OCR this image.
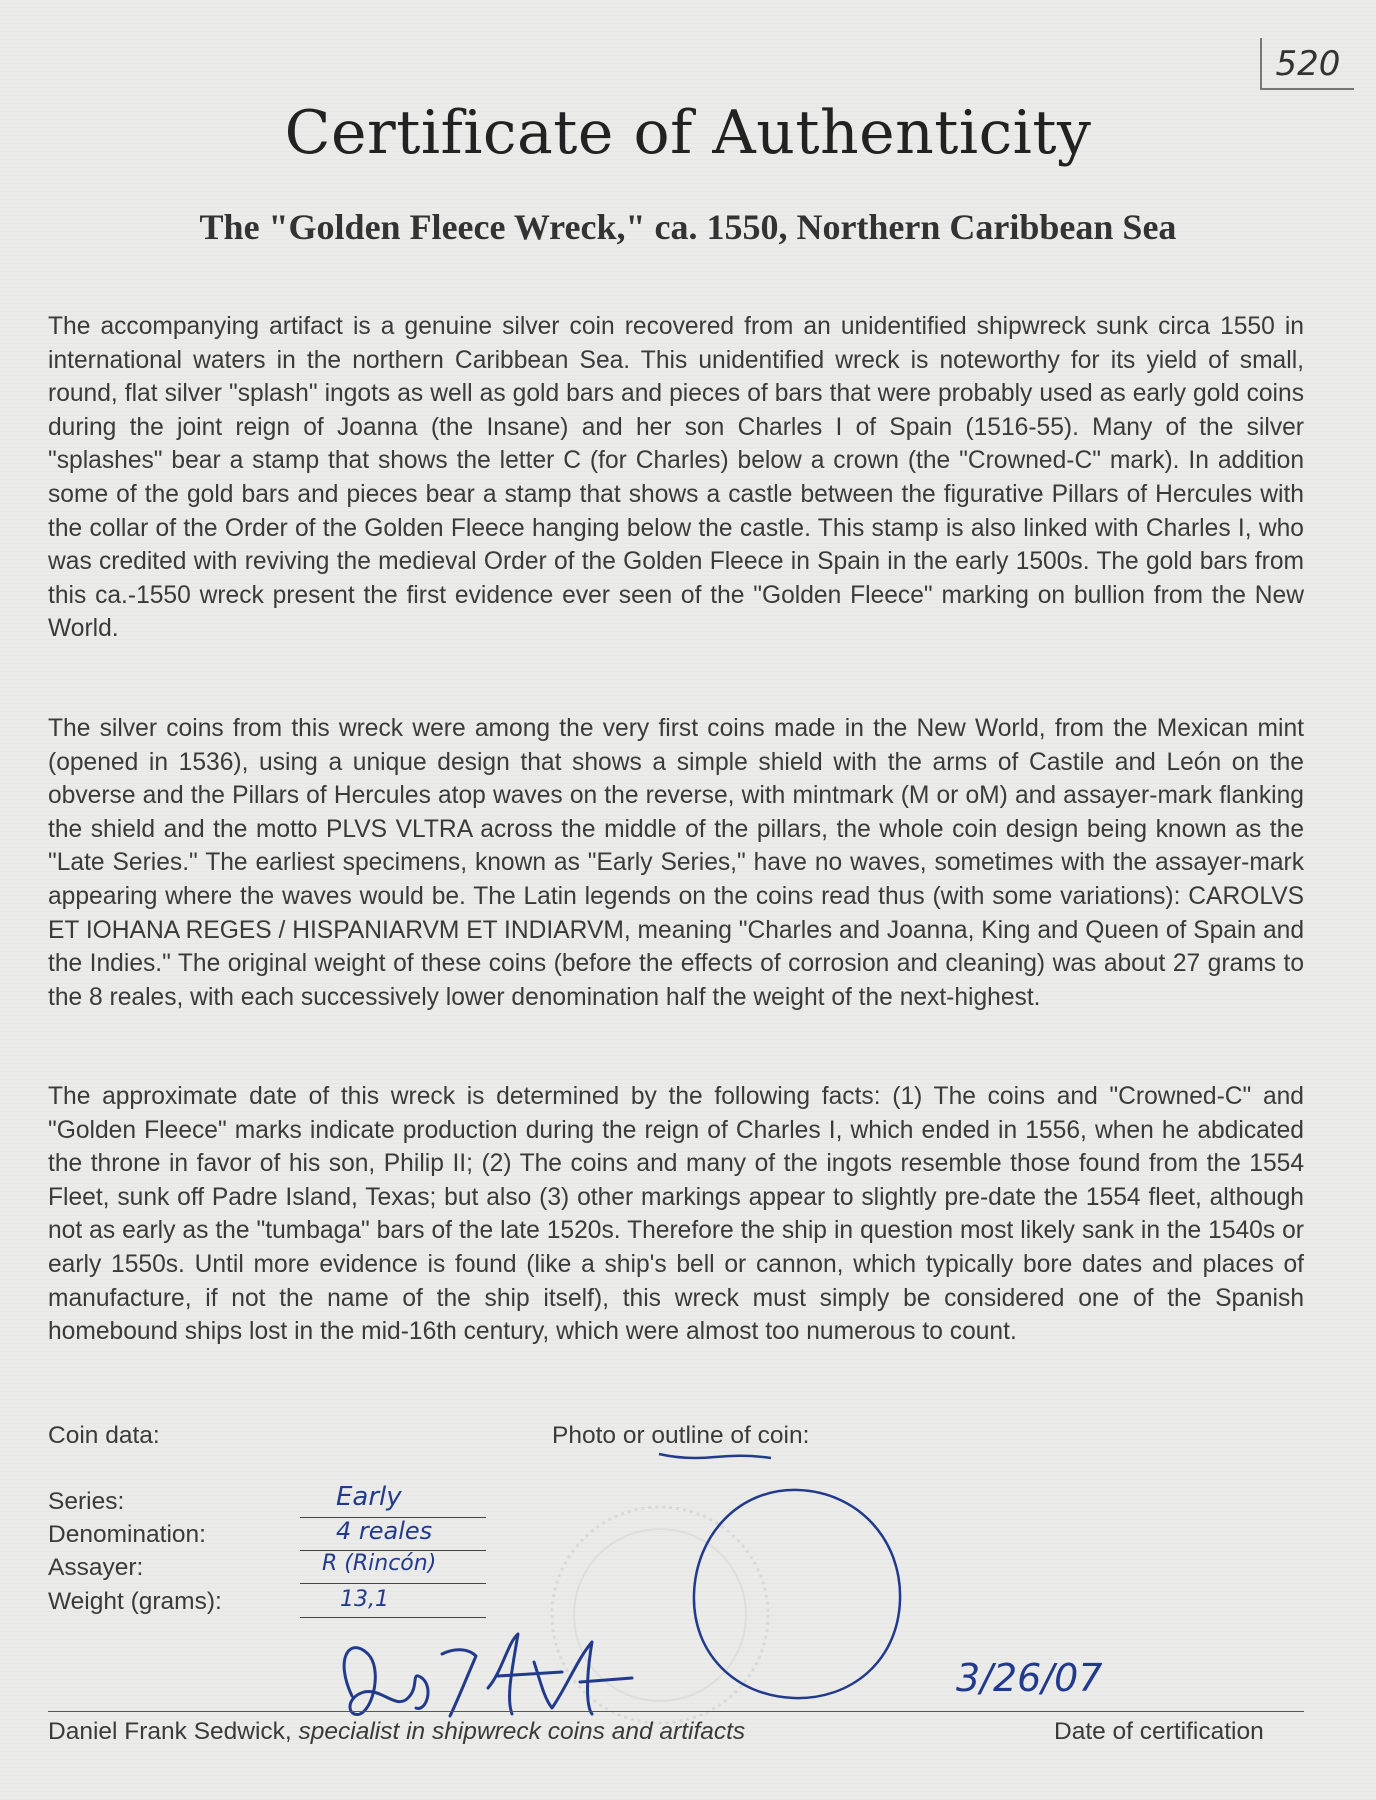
520
Certificate of Authenticity
The "Golden Fleece Wreck," ca. 1550, Northern Caribbean Sea

The accompanying artifact is a genuine silver coin recovered from an unidentified shipwreck sunk circa 1550 in international waters in the northern Caribbean Sea. This unidentified wreck is noteworthy for its yield of small, round, flat silver "splash" ingots as well as gold bars and pieces of bars that were probably used as early gold coins during the joint reign of Joanna (the Insane) and her son Charles I of Spain (1516-55). Many of the silver "splashes" bear a stamp that shows the letter C (for Charles) below a crown (the "Crowned-C" mark). In addition some of the gold bars and pieces bear a stamp that shows a castle between the figurative Pillars of Hercules with the collar of the Order of the Golden Fleece hanging below the castle. This stamp is also linked with Charles I, who was credited with reviving the medieval Order of the Golden Fleece in Spain in the early 1500s. The gold bars from this ca.-1550 wreck present the first evidence ever seen of the "Golden Fleece" marking on bullion from the New World.

The silver coins from this wreck were among the very first coins made in the New World, from the Mexican mint (opened in 1536), using a unique design that shows a simple shield with the arms of Castile and León on the obverse and the Pillars of Hercules atop waves on the reverse, with mintmark (M or oM) and assayer-mark flanking the shield and the motto PLVS VLTRA across the middle of the pillars, the whole coin design being known as the "Late Series." The earliest specimens, known as "Early Series," have no waves, sometimes with the assayer-mark appearing where the waves would be. The Latin legends on the coins read thus (with some variations): CAROLVS ET IOHANA REGES / HISPANIARVM ET INDIARVM, meaning "Charles and Joanna, King and Queen of Spain and the Indies." The original weight of these coins (before the effects of corrosion and cleaning) was about 27 grams to the 8 reales, with each successively lower denomination half the weight of the next-highest.

The approximate date of this wreck is determined by the following facts: (1) The coins and "Crowned-C" and "Golden Fleece" marks indicate production during the reign of Charles I, which ended in 1556, when he abdicated the throne in favor of his son, Philip II; (2) The coins and many of the ingots resemble those found from the 1554 Fleet, sunk off Padre Island, Texas; but also (3) other markings appear to slightly pre-date the 1554 fleet, although not as early as the "tumbaga" bars of the late 1520s. Therefore the ship in question most likely sank in the 1540s or early 1550s. Until more evidence is found (like a ship's bell or cannon, which typically bore dates and places of manufacture, if not the name of the ship itself), this wreck must simply be considered one of the Spanish homebound ships lost in the mid-16th century, which were almost too numerous to count.

Coin data:	Photo or outline of coin:
Series:
Denomination:
Assayer:
Weight (grams):
Early
4 reales
R (Rincón)
13,1
3/26/07
Daniel Frank Sedwick, specialist in shipwreck coins and artifacts	Date of certification
